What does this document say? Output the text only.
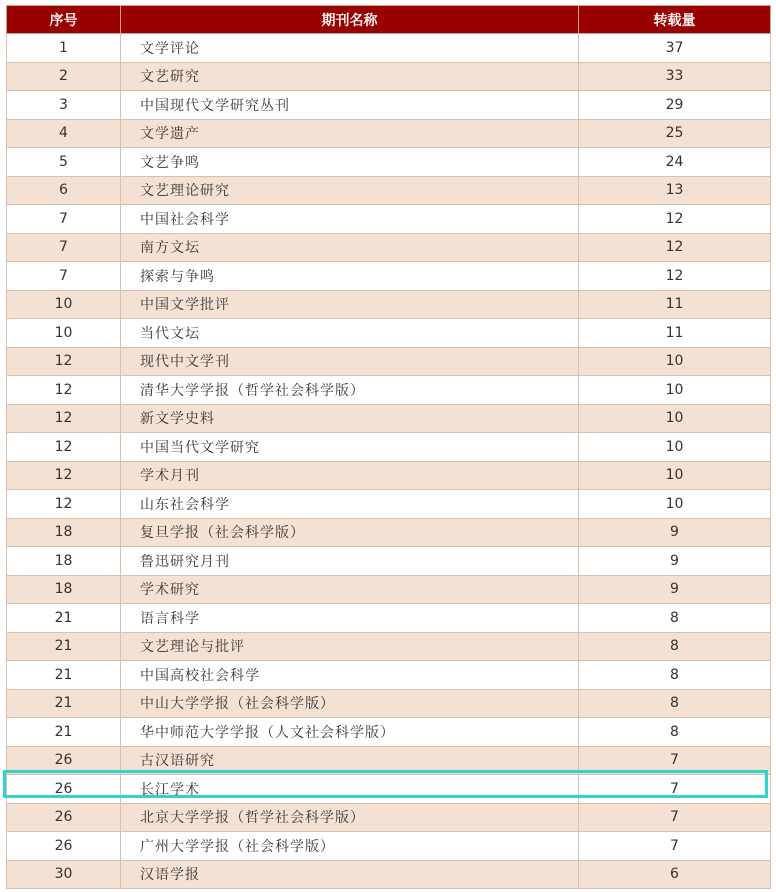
序号	期刊名称	转载量
1	文学评论	37
2	文艺研究	33
3	中国现代文学研究丛刊	29
4	文学遗产	25
5	文艺争鸣	24
6	文艺理论研究	13
7	中国社会科学	12
7	南方文坛	12
7	探索与争鸣	12
10	中国文学批评	11
10	当代文坛	11
12	现代中文学刊	10
12	清华大学学报（哲学社会科学版）	10
12	新文学史料	10
12	中国当代文学研究	10
12	学术月刊	10
12	山东社会科学	10
18	复旦学报（社会科学版）	9
18	鲁迅研究月刊	9
18	学术研究	9
21	语言科学	8
21	文艺理论与批评	8
21	中国高校社会科学	8
21	中山大学学报（社会科学版）	8
21	华中师范大学学报（人文社会科学版）	8
26	古汉语研究	7
26	长江学术	7
26	北京大学学报（哲学社会科学版）	7
26	广州大学学报（社会科学版）	7
30	汉语学报	6
